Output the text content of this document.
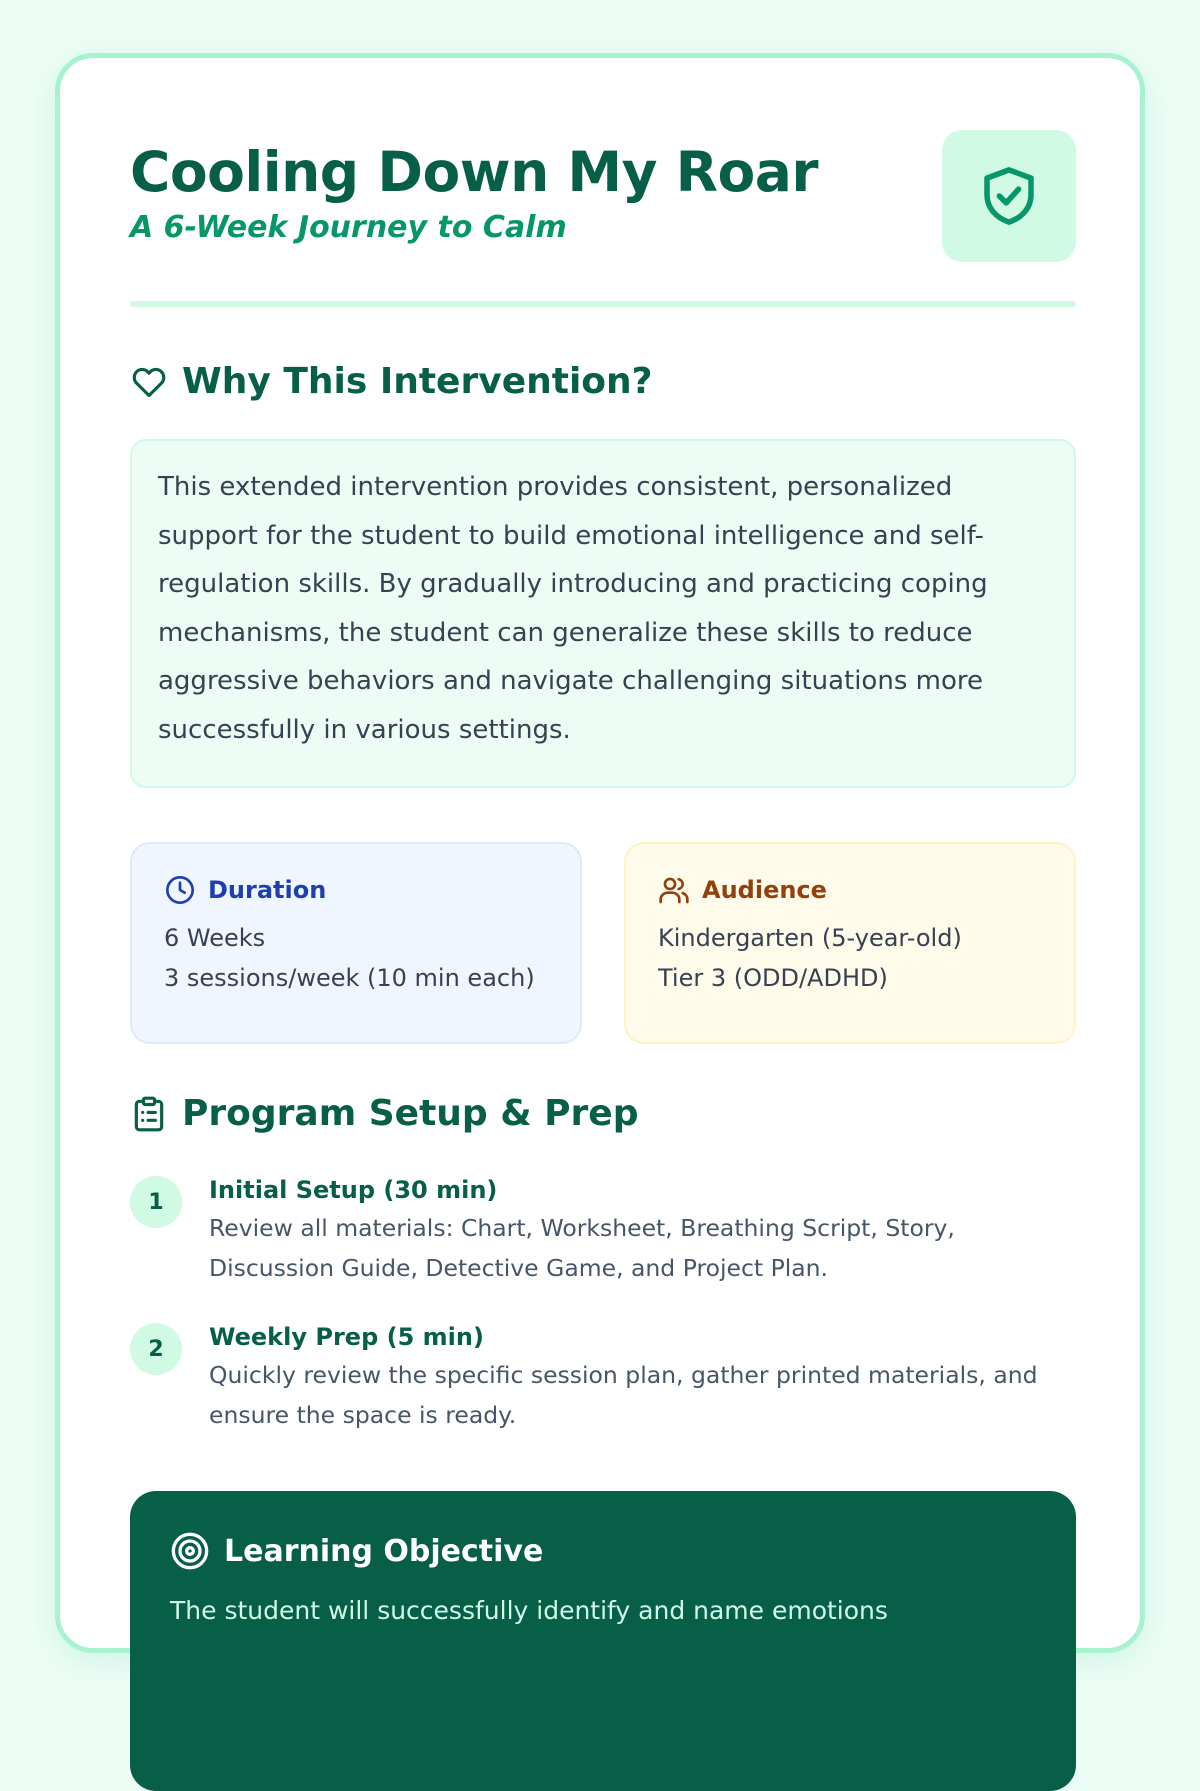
Cooling Down My Roar
A 6-Week Journey to Calm
Why This Intervention?
This extended intervention provides consistent, personalized support for the student to build emotional intelligence and self-regulation skills. By gradually introducing and practicing coping mechanisms, the student can generalize these skills to reduce aggressive behaviors and navigate challenging situations more successfully in various settings.
Duration
6 Weeks
3 sessions/week (10 min each)
Audience
Kindergarten (5-year-old)
Tier 3 (ODD/ADHD)
Program Setup & Prep
1	Initial Setup (30 min)
Review all materials: Chart, Worksheet, Breathing Script, Story, Discussion Guide, Detective Game, and Project Plan.
2	Weekly Prep (5 min)
Quickly review the specific session plan, gather printed materials, and ensure the space is ready.
Learning Objective
The student will successfully identify and name emotions
